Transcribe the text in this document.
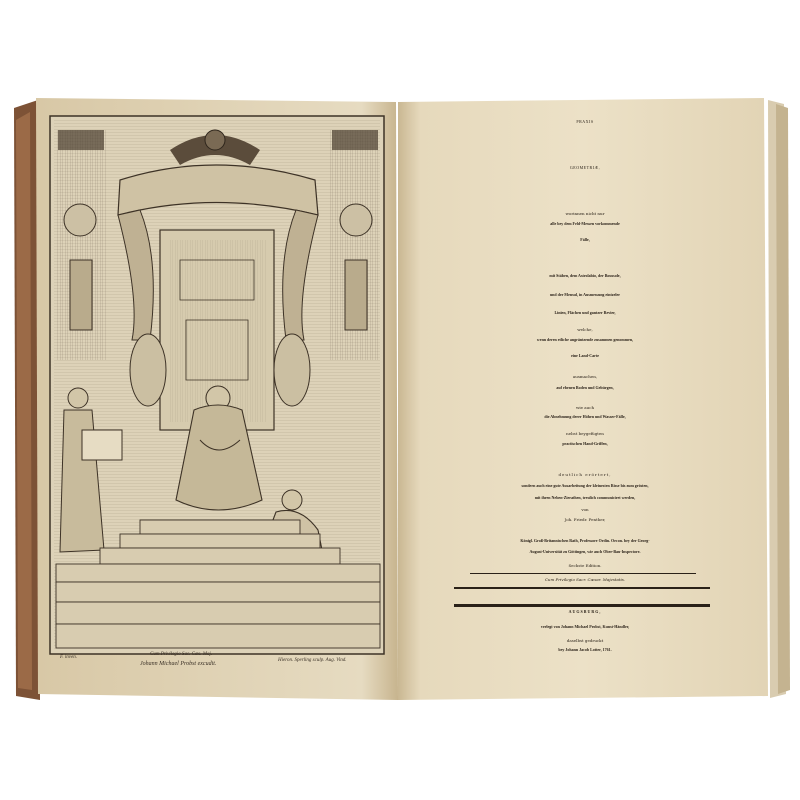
F. inven.
Cum Privilegio Sac. Cæs. Maj.
Johann Michael Probst excudit.
Hieron. Sperling sculp. Aug. Vind.
PRAXIS
GEOMETRIÆ,
worinnen nicht nur
alle bey dem Feld-Messen vorkommende
Fälle,
mit Stäben, dem Astrolabio, der Boussole,
und der Mensul, in Ausmessung eintzeler
Linien, Flächen und gantzer Revier,
welche,
wenn deren etliche angräntzende zusammen genommen,
eine Land-Carte
ausmachen,
auf ebenen Boden und Gebürgen,
wie auch
die Abnehmung derer Höhen und Wasser-Fälle,
nebst beygefügten
practischen Hand-Griffen,
deutlich erörtert,
sondern auch eine gute Ausarbeitung der kleinesten Risse bis zum grösten,
mit ihren Neben-Zierathen, treulich communiciret werden,
von
Joh. Friedr. Penther,
Königl. Groß-Britannischen Rath, Professore Ordin. Oecon. bey der Georg-
August-Universität zu Göttingen, wie auch Ober-Bau-Inspectore.
Sechste Edition.
Cum Privilegio Sacr. Cæsar. Majestatis.
AUGSBURG,
verlegt von Johann Michael Probst, Kunst-Händler,
daselbst gedruckt
bey Johann Jacob Lotter, 1761.
